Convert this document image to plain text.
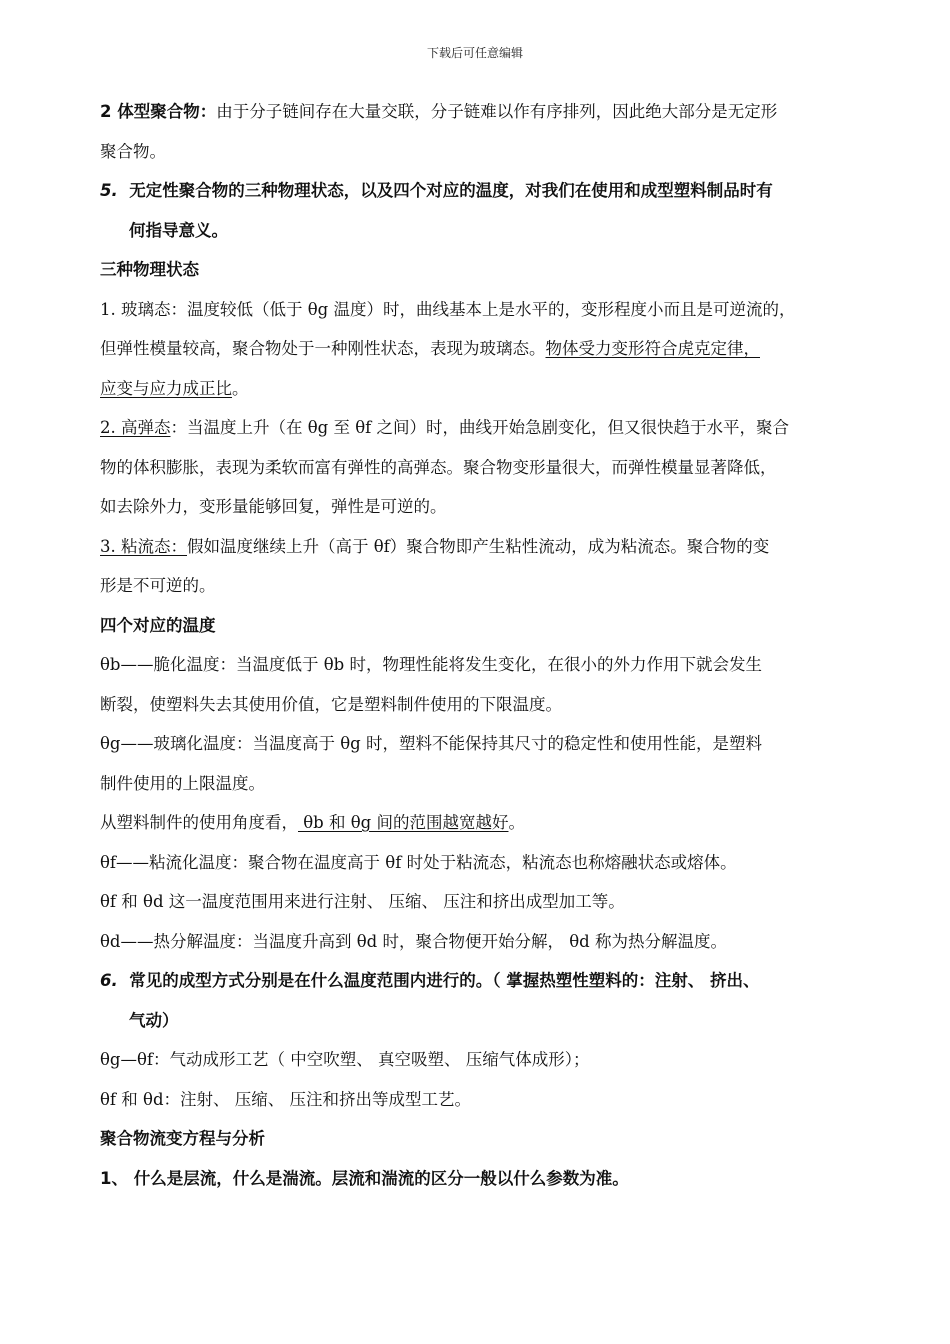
下载后可任意编辑
2 体型聚合物：由于分子链间存在大量交联，分子链难以作有序排列，因此绝大部分是无定形
聚合物。
5. 无定性聚合物的三种物理状态，以及四个对应的温度，对我们在使用和成型塑料制品时有
何指导意义。
三种物理状态
1. 玻璃态：温度较低（低于 θg 温度）时，曲线基本上是水平的，变形程度小而且是可逆流的，
但弹性模量较高，聚合物处于一种刚性状态，表现为玻璃态。物体受力变形符合虎克定律，
应变与应力成正比。
2. 高弹态：当温度上升（在 θg 至 θf 之间）时，曲线开始急剧变化，但又很快趋于水平，聚合
物的体积膨胀，表现为柔软而富有弹性的高弹态。聚合物变形量很大，而弹性模量显著降低，
如去除外力，变形量能够回复，弹性是可逆的。
3. 粘流态：假如温度继续上升（高于 θf）聚合物即产生粘性流动，成为粘流态。聚合物的变
形是不可逆的。
四个对应的温度
θb——脆化温度：当温度低于 θb 时，物理性能将发生变化，在很小的外力作用下就会发生
断裂，使塑料失去其使用价值，它是塑料制件使用的下限温度。
θg——玻璃化温度：当温度高于 θg 时，塑料不能保持其尺寸的稳定性和使用性能，是塑料
制件使用的上限温度。
从塑料制件的使用角度看， θb 和 θg 间的范围越宽越好。
θf——粘流化温度：聚合物在温度高于 θf 时处于粘流态，粘流态也称熔融状态或熔体。
θf 和 θd 这一温度范围用来进行注射、 压缩、 压注和挤出成型加工等。
θd——热分解温度：当温度升高到 θd 时，聚合物便开始分解， θd 称为热分解温度。
6. 常见的成型方式分别是在什么温度范围内进行的。（ 掌握热塑性塑料的：注射、 挤出、
气动）
θg—θf：气动成形工艺（ 中空吹塑、 真空吸塑、 压缩气体成形）；
θf 和 θd：注射、 压缩、 压注和挤出等成型工艺。
聚合物流变方程与分析
1、 什么是层流，什么是湍流。层流和湍流的区分一般以什么参数为准。
